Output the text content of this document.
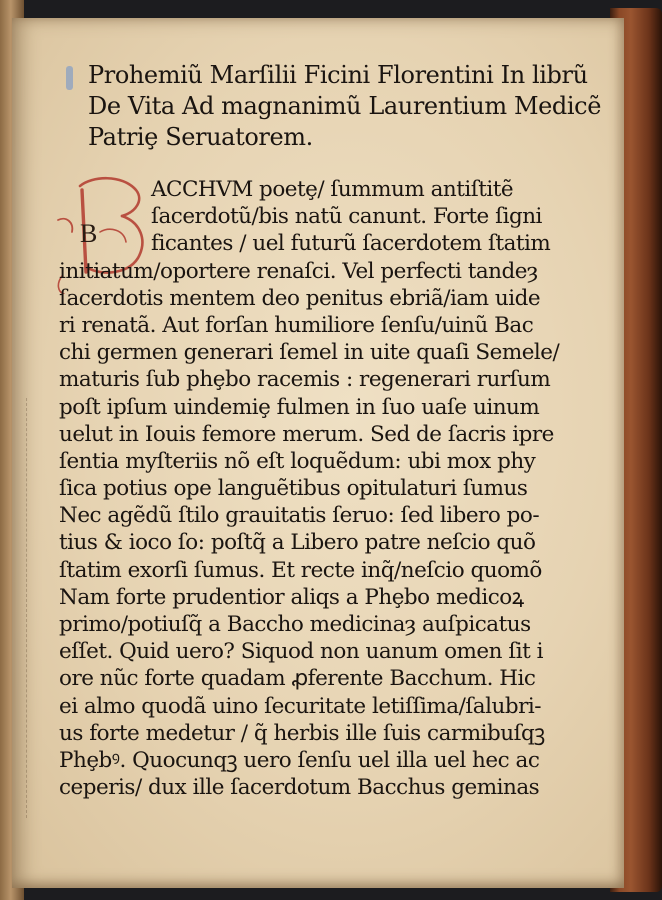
Prohemiũ Marſilii Ficini Florentini In librũ
De Vita Ad magnanimũ Laurentium Medicẽ
Patriȩ Seruatorem.
B
ACCHVM poetȩ/ ſummum antiſtitẽ
ſacerdotũ/bis natũ canunt. Forte ſigni
ficantes / uel futurũ ſacerdotem ſtatim
initiatum/oportere renaſci. Vel perfecti tandeȝ
ſacerdotis mentem deo penitus ebriã/iam uide
ri renatã. Aut forſan humiliore ſenſu/uinũ Bac
chi germen generari ſemel in uite quaſi Semele/
maturis ſub phȩbo racemis : regenerari rurſum
poſt ipſum uindemiȩ fulmen in ſuo uaſe uinum
uelut in Iouis femore merum. Sed de ſacris ipre
ſentia myſteriis nõ eſt loquẽdum: ubi mox phy
ſica potius ope languẽtibus opitulaturi ſumus
Nec agẽdũ ſtilo grauitatis ſeruo: ſed libero po-
tius & ioco ſo: poſtq̃ a Libero patre neſcio quõ
ſtatim exorſi ſumus. Et recte inq̃/neſcio quomõ
Nam forte prudentior aliqs a Phȩbo medicoꝝ
primo/potiuſq̃ a Baccho medicinaȝ auſpicatus
eſſet. Quid uero? Siquod non uanum omen ſit i
ore nũc forte quadam ꝓferente Bacchum. Hic
ei almo quodã uino ſecuritate letiſſima/ſalubri-
us forte medetur / q̃ herbis ille ſuis carmibuſqꝫ
Phȩbꝰ. Quocunqꝫ uero ſenſu uel illa uel hec ac
ceperis/ dux ille ſacerdotum Bacchus geminas
